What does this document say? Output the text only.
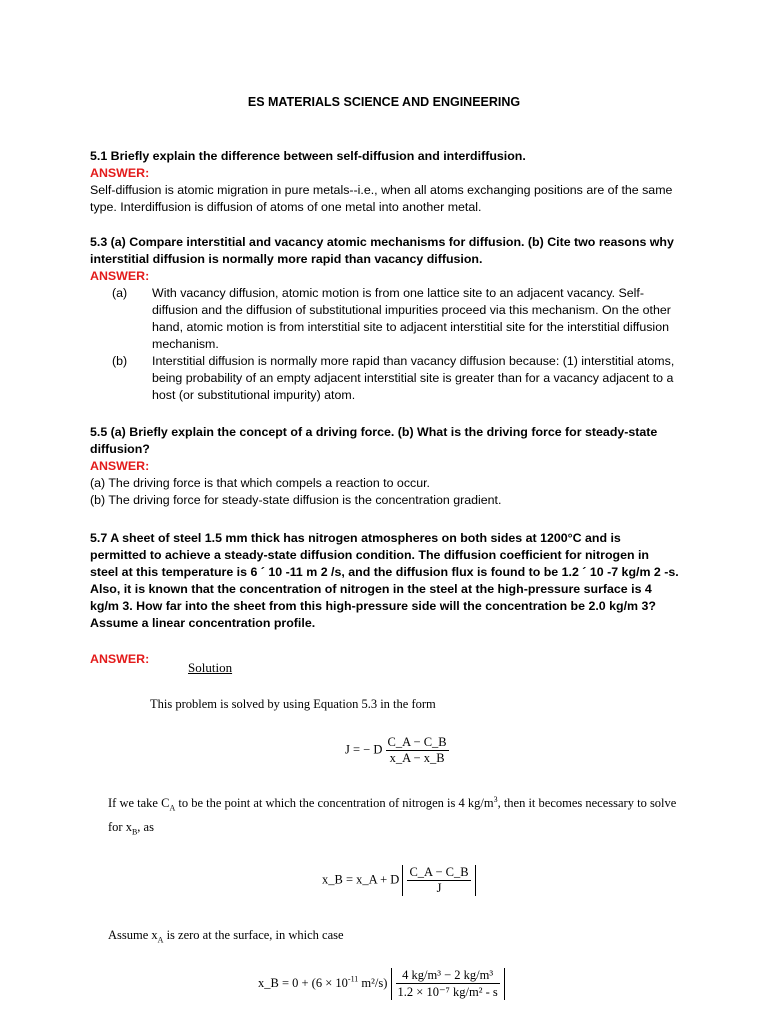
ES MATERIALS SCIENCE AND ENGINEERING
5.1 Briefly explain the difference between self-diffusion and interdiffusion.
ANSWER:
Self-diffusion is atomic migration in pure metals--i.e., when all atoms exchanging positions are of the same type. Interdiffusion is diffusion of atoms of one metal into another metal.
5.3 (a) Compare interstitial and vacancy atomic mechanisms for diffusion. (b) Cite two reasons why interstitial diffusion is normally more rapid than vacancy diffusion.
ANSWER:
(a)	With vacancy diffusion, atomic motion is from one lattice site to an adjacent vacancy. Self-diffusion and the diffusion of substitutional impurities proceed via this mechanism. On the other hand, atomic motion is from interstitial site to adjacent interstitial site for the interstitial diffusion mechanism.
(b)	Interstitial diffusion is normally more rapid than vacancy diffusion because: (1) interstitial atoms, being probability of an empty adjacent interstitial site is greater than for a vacancy adjacent to a host (or substitutional impurity) atom.
5.5 (a) Briefly explain the concept of a driving force. (b) What is the driving force for steady-state diffusion?
ANSWER:
(a) The driving force is that which compels a reaction to occur.
(b) The driving force for steady-state diffusion is the concentration gradient.
5.7 A sheet of steel 1.5 mm thick has nitrogen atmospheres on both sides at 1200°C and is permitted to achieve a steady-state diffusion condition. The diffusion coefficient for nitrogen in steel at this temperature is 6 ´ 10 -11 m 2 /s, and the diffusion flux is found to be 1.2 ´ 10 -7 kg/m 2 -s. Also, it is known that the concentration of nitrogen in the steel at the high-pressure surface is 4 kg/m 3. How far into the sheet from this high-pressure side will the concentration be 2.0 kg/m 3? Assume a linear concentration profile.
ANSWER:
Solution
This problem is solved by using Equation 5.3 in the form
J = − D $\frac{C\_A - C\_B}{x\_A - x\_B}$
If we take $C_A$ to be the point at which the concentration of nitrogen is 4 $kg/m^3$, then it becomes necessary to solve
for $x_B$, as
x_B = x_A + D $\frac{C\_A - C\_B}{J}$
Assume $x_A$ is zero at the surface, in which case
x_B = $0 + (6 \times 10^{-11}$ $m^2/s) \frac{\text{4 kg/m³ − 2 kg/m³}}{\text{1.2 × 10⁻⁷ kg/m² - s}}$
